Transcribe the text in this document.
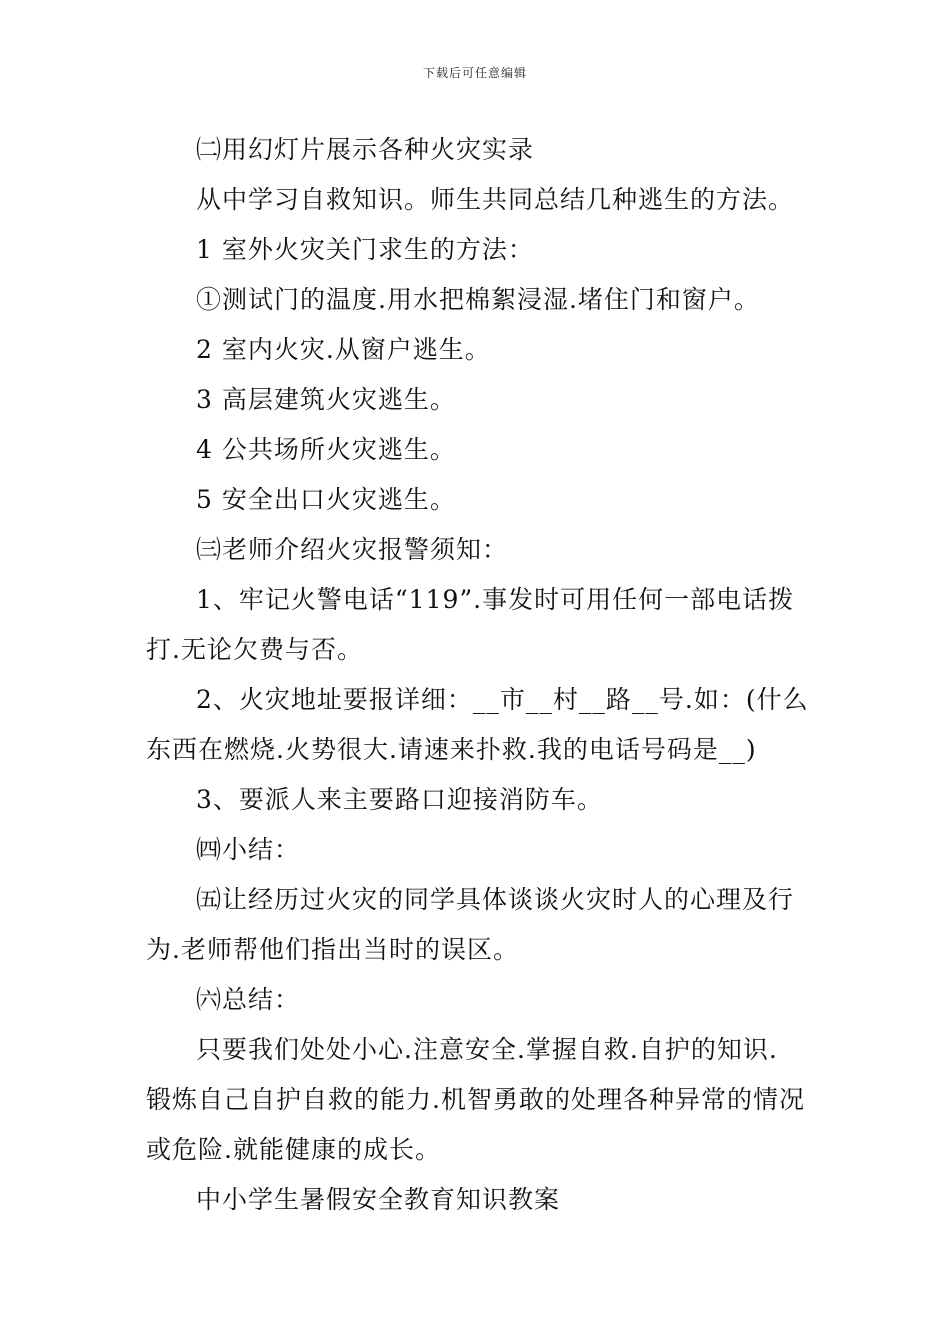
下载后可任意编辑
㈡用幻灯片展示各种火灾实录
从中学习自救知识。师生共同总结几种逃生的方法。
1 室外火灾关门求生的方法：
①测试门的温度.用水把棉絮浸湿.堵住门和窗户。
2 室内火灾.从窗户逃生。
3 高层建筑火灾逃生。
4 公共场所火灾逃生。
5 安全出口火灾逃生。
㈢老师介绍火灾报警须知：
1、牢记火警电话“119”.事发时可用任何一部电话拨
打.无论欠费与否。
2、火灾地址要报详细：__市__村__路__号.如：(什么
东西在燃烧.火势很大.请速来扑救.我的电话号码是__)
3、要派人来主要路口迎接消防车。
㈣小结：
㈤让经历过火灾的同学具体谈谈火灾时人的心理及行
为.老师帮他们指出当时的误区。
㈥总结：
只要我们处处小心.注意安全.掌握自救.自护的知识.
锻炼自己自护自救的能力.机智勇敢的处理各种异常的情况
或危险.就能健康的成长。
中小学生暑假安全教育知识教案
